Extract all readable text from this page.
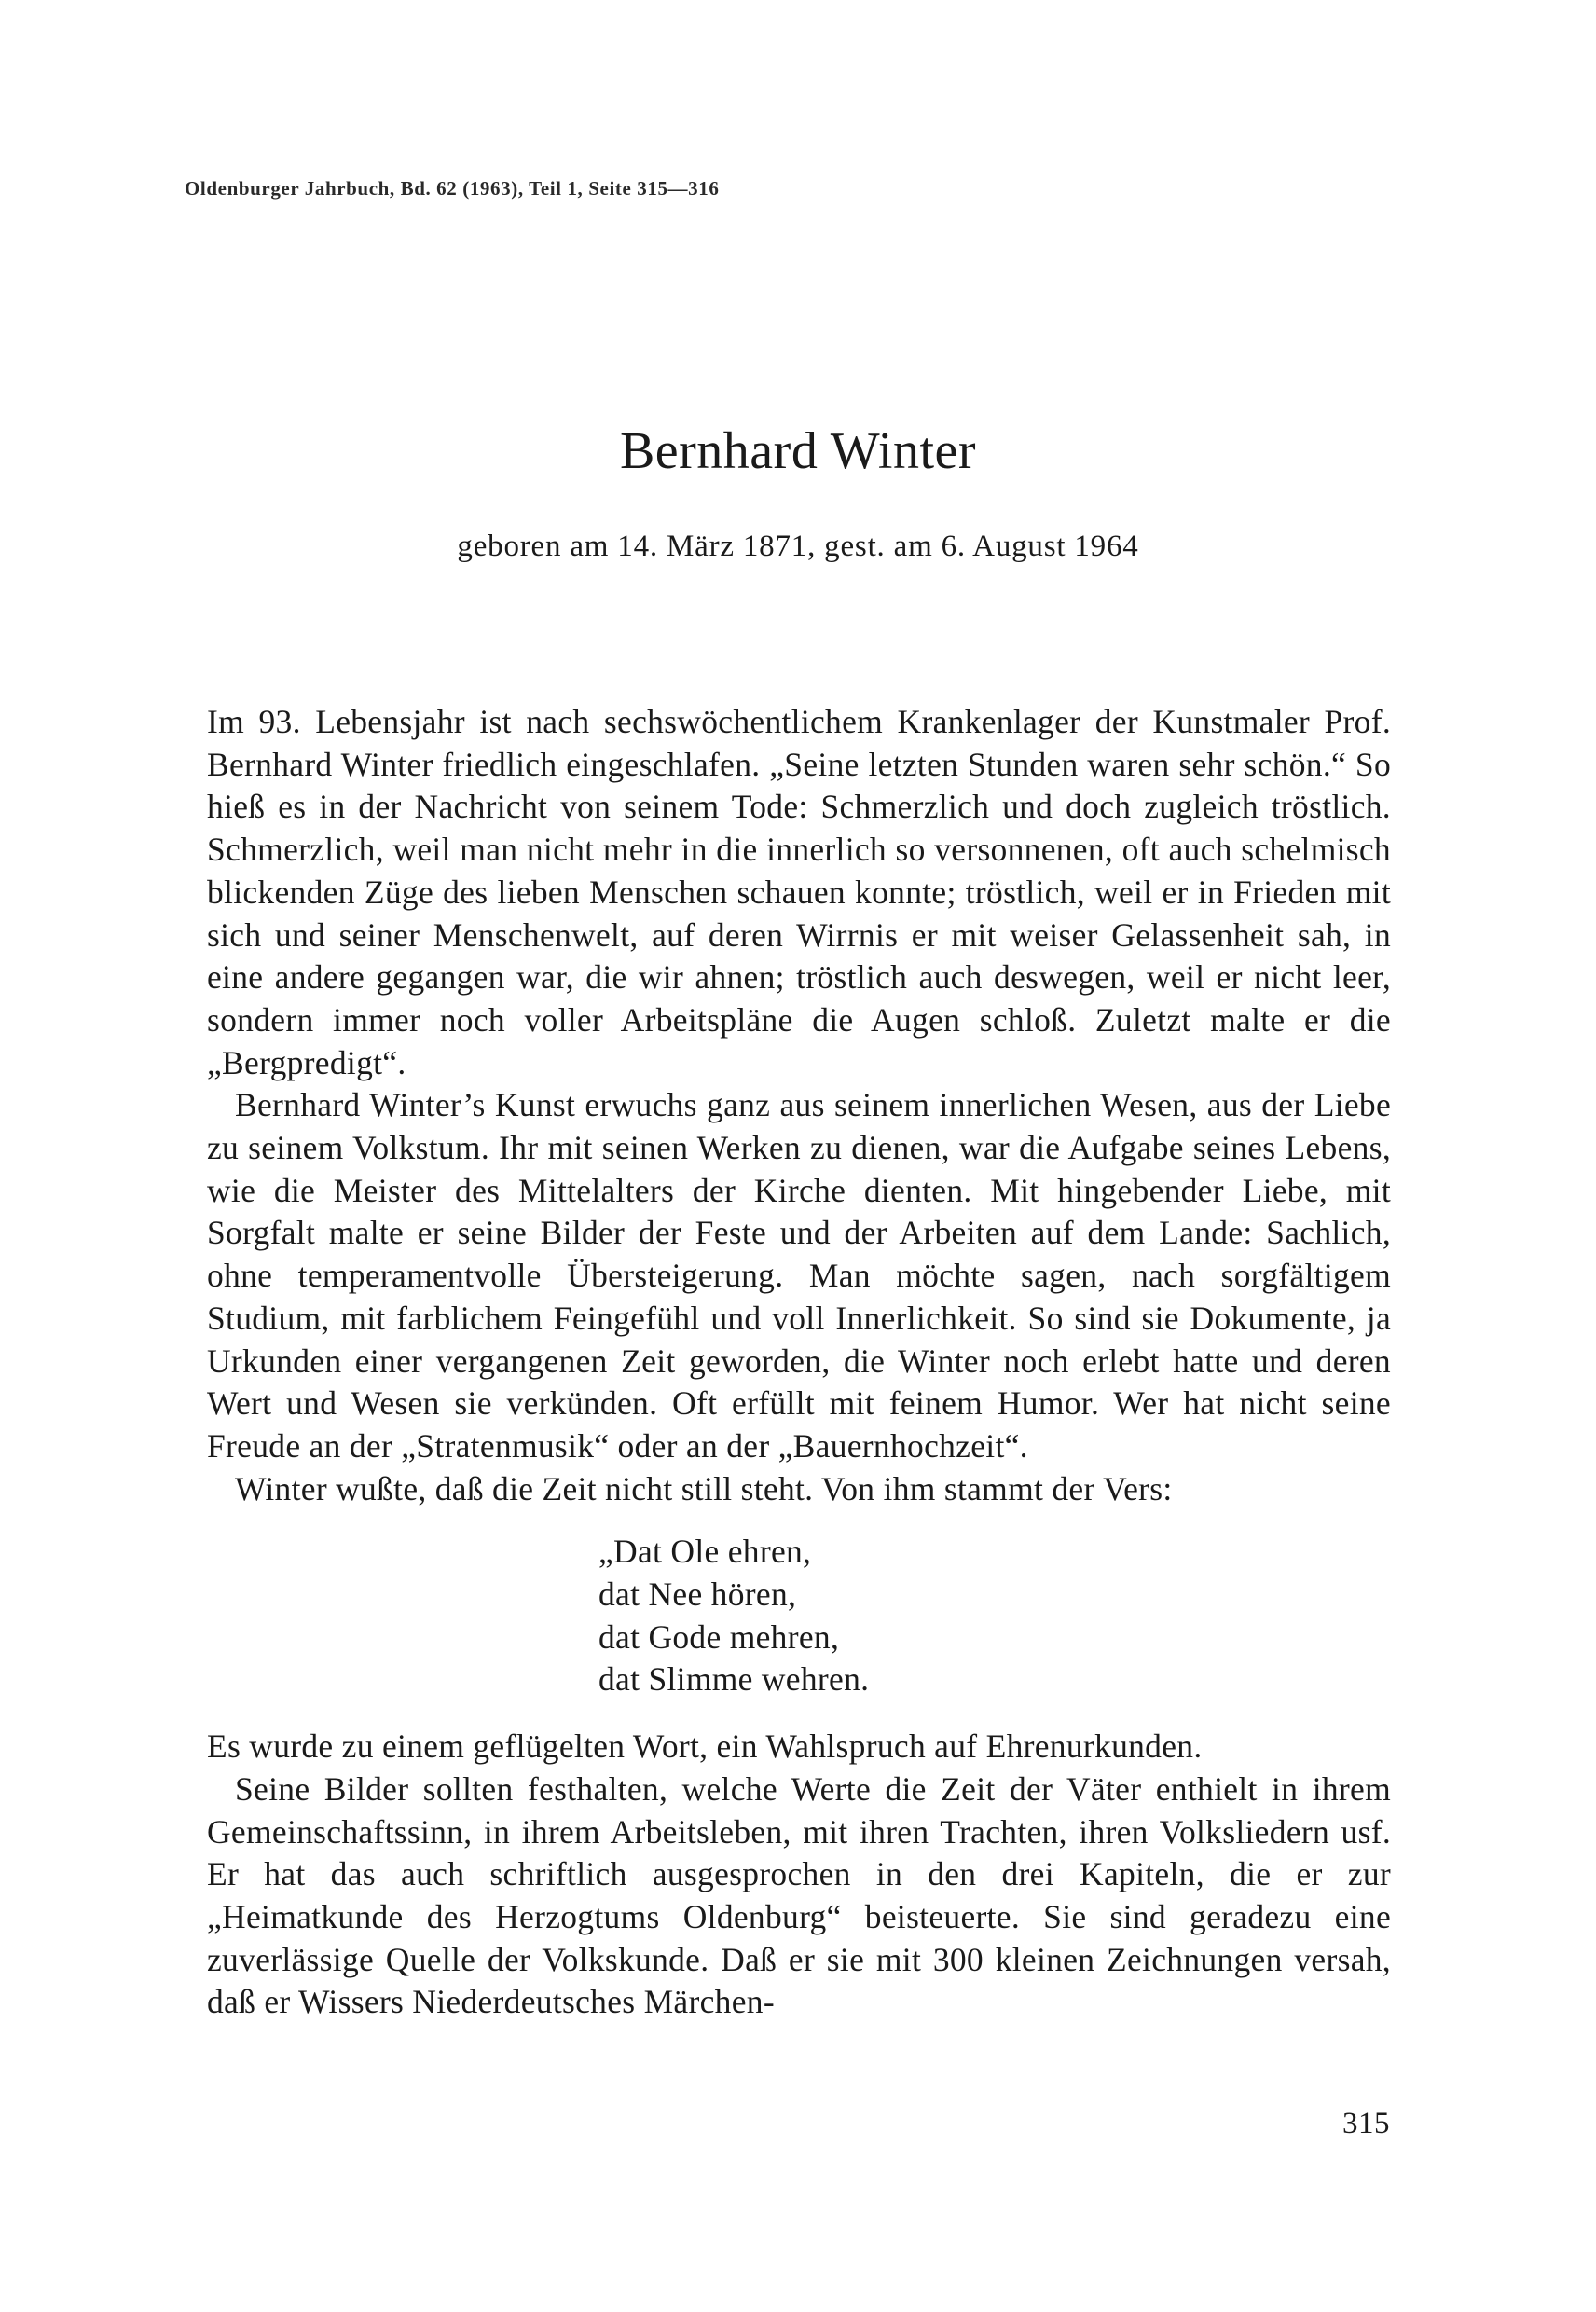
Oldenburger Jahrbuch, Bd. 62 (1963), Teil 1, Seite 315—316
Bernhard Winter
geboren am 14. März 1871, gest. am 6. August 1964

Im 93. Lebensjahr ist nach sechswöchentlichem Krankenlager der Kunstmaler Prof. Bernhard Winter friedlich eingeschlafen. „Seine letzten Stunden waren sehr schön.“ So hieß es in der Nachricht von seinem Tode: Schmerzlich und doch zugleich tröstlich. Schmerzlich, weil man nicht mehr in die innerlich so versonnenen, oft auch schelmisch blickenden Züge des lieben Menschen schauen konnte; tröstlich, weil er in Frieden mit sich und seiner Menschenwelt, auf deren Wirrnis er mit weiser Gelassenheit sah, in eine andere gegangen war, die wir ahnen; tröstlich auch deswegen, weil er nicht leer, sondern immer noch voller Arbeitspläne die Augen schloß. Zuletzt malte er die „Bergpredigt“.

Bernhard Winter’s Kunst erwuchs ganz aus seinem innerlichen Wesen, aus der Liebe zu seinem Volkstum. Ihr mit seinen Werken zu dienen, war die Aufgabe seines Lebens, wie die Meister des Mittelalters der Kirche dienten. Mit hingebender Liebe, mit Sorgfalt malte er seine Bilder der Feste und der Arbeiten auf dem Lande: Sachlich, ohne temperamentvolle Übersteigerung. Man möchte sagen, nach sorgfältigem Studium, mit farblichem Feingefühl und voll Innerlichkeit. So sind sie Dokumente, ja Urkunden einer vergangenen Zeit geworden, die Winter noch erlebt hatte und deren Wert und Wesen sie verkünden. Oft erfüllt mit feinem Humor. Wer hat nicht seine Freude an der „Stratenmusik“ oder an der „Bauernhochzeit“.

Winter wußte, daß die Zeit nicht still steht. Von ihm stammt der Vers:

„Dat Ole ehren,
dat Nee hören,
dat Gode mehren,
dat Slimme wehren.

Es wurde zu einem geflügelten Wort, ein Wahlspruch auf Ehrenurkunden.

Seine Bilder sollten festhalten, welche Werte die Zeit der Väter enthielt in ihrem Gemeinschaftssinn, in ihrem Arbeitsleben, mit ihren Trachten, ihren Volksliedern usf. Er hat das auch schriftlich ausgesprochen in den drei Kapiteln, die er zur „Heimatkunde des Herzogtums Oldenburg“ beisteuerte. Sie sind geradezu eine zuverlässige Quelle der Volkskunde. Daß er sie mit 300 kleinen Zeichnungen versah, daß er Wissers Niederdeutsches Märchen-

315
